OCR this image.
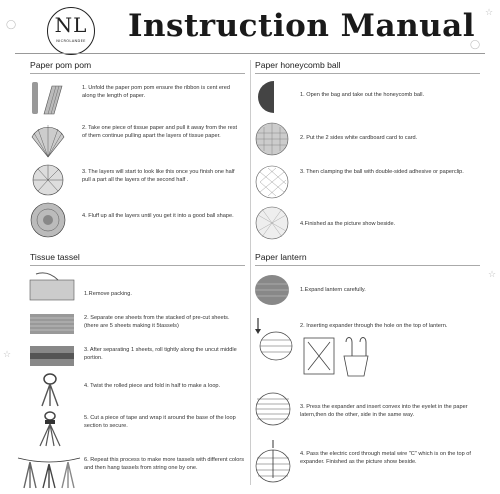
◯
☆
☆
☆
◯
NL
NICROLANDEE Instruction Manual
Paper pom pom
1. Unfold the paper pom pom ensure the ribbon is cent ered along the length of paper.
2. Take one piece of tissue paper and pull it away from the rest of them continue pulling apart the layers of tissue paper.
3. The layers will start to look like this once you finish one half pull a part all the layers of the second half .
4. Fluff up all the layers until you get it into a good ball shape.
Paper honeycomb ball
1. Open the bag and take out the honeycomb ball.
2. Put the 2 sides white cardboard card to card.
3. Then clamping the ball with double-sided adhesive or paperclip.
4.Finished as the picture show beside.
Tissue tassel
1.Remove packing.
2. Separate one sheets from the stacked of pre-cut sheets.(there are 5 sheets making it 5tassels)
3. After separating 1 sheets, roll tightly along the uncut middle portion.
4. Twist the rolled piece and fold in half to make a loop.
5. Cut a piece of tape and wrap it around the base of the loop section to secure.
6. Repeat this process to make more tassels with different colors and then hang tassels from string one by one.
Paper lantern
1.Expand lantern carefully.
2. Inserting expander through the hole on the top of lantern.
3. Press the expander and insert convex into the eyelet in the paper latern,then do the other, side in the same way.
4. Pass the electric cord through metal wire "C" which is on the top of expander. Finished as the picture show beside.
